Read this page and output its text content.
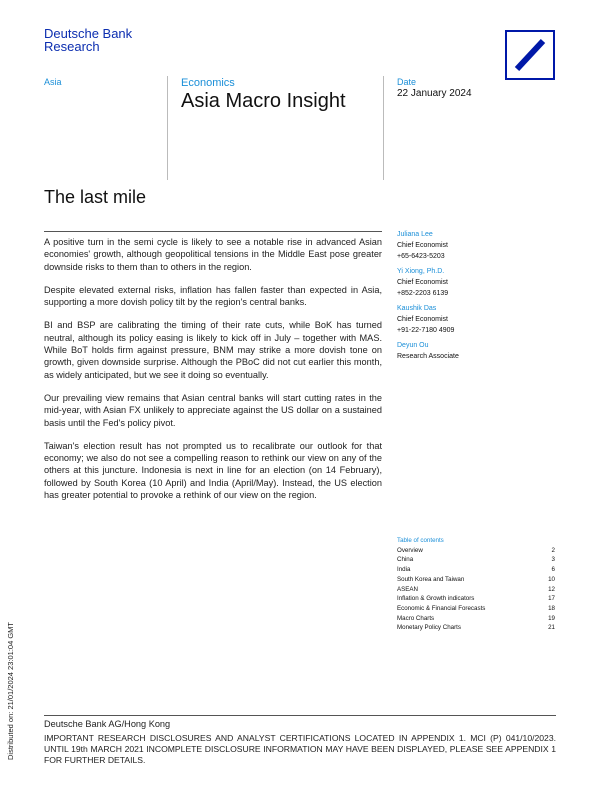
Deutsche Bank
Research
Asia	Economics
Asia Macro Insight
Date
22 January 2024
The last mile

A positive turn in the semi cycle is likely to see a notable rise in advanced Asian economies' growth, although geopolitical tensions in the Middle East pose greater downside risks to them than to others in the region.

Despite elevated external risks, inflation has fallen faster than expected in Asia, supporting a more dovish policy tilt by the region's central banks.

BI and BSP are calibrating the timing of their rate cuts, while BoK has turned neutral, although its policy easing is likely to kick off in July – together with MAS. While BoT holds firm against pressure, BNM may strike a more dovish tone on growth, given downside surprise. Although the PBoC did not cut earlier this month, as widely anticipated, but we see it doing so eventually.

Our prevailing view remains that Asian central banks will start cutting rates in the mid-year, with Asian FX unlikely to appreciate against the US dollar on a sustained basis until the Fed's policy pivot.

Taiwan's election result has not prompted us to recalibrate our outlook for that economy; we also do not see a compelling reason to rethink our view on any of the others at this juncture. Indonesia is next in line for an election (on 14 February), followed by South Korea (10 April) and India (April/May). Instead, the US election has greater potential to provoke a rethink of our view on the region.

Juliana Lee
Chief Economist
+65-6423-5203
Yi Xiong, Ph.D.
Chief Economist
+852-2203 6139
Kaushik Das
Chief Economist
+91-22-7180 4909
Deyun Ou
Research Associate
Table of contents
Overview	2
China	3
India	6
South Korea and Taiwan	10
ASEAN	12
Inflation & Growth indicators	17
Economic & Financial Forecasts	18
Macro Charts	19
Monetary Policy Charts	21
Deutsche Bank AG/Hong Kong
IMPORTANT RESEARCH DISCLOSURES AND ANALYST CERTIFICATIONS LOCATED IN APPENDIX 1. MCI (P) 041/10/2023. UNTIL 19th MARCH 2021 INCOMPLETE DISCLOSURE INFORMATION MAY HAVE BEEN DISPLAYED, PLEASE SEE APPENDIX 1 FOR FURTHER DETAILS.
Distributed on: 21/01/2024 23:01:04 GMT
